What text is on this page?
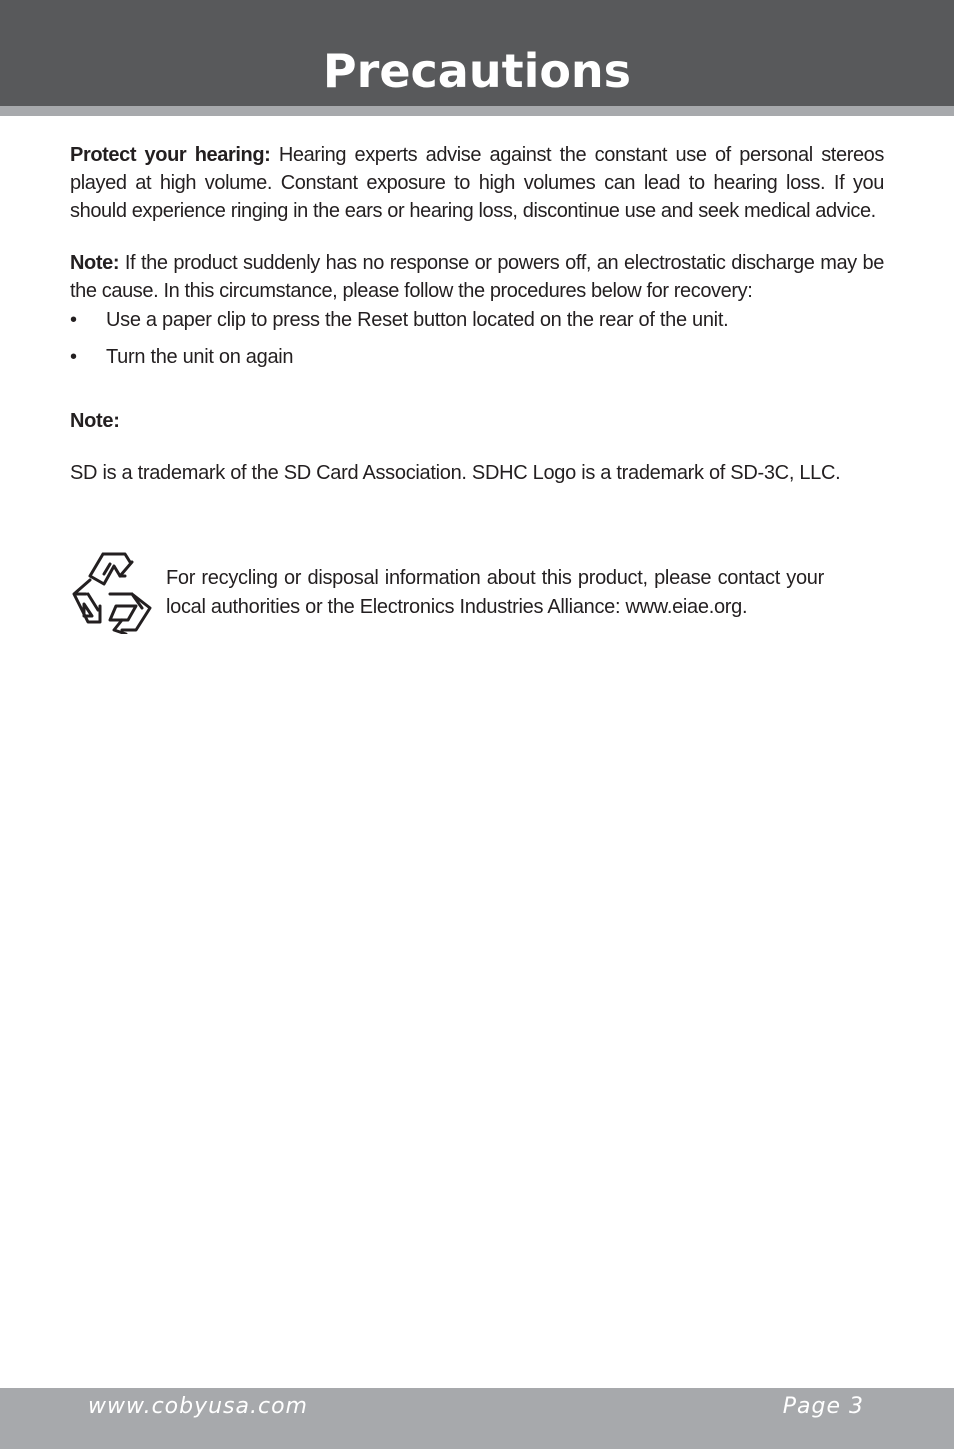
Precautions

Protect your hearing: Hearing experts advise against the constant use of personal stereos played at high volume. Constant exposure to high volumes can lead to hearing loss. If you should experience ringing in the ears or hearing loss, discontinue use and seek medical advice.

Note: If the product suddenly has no response or powers off, an electrostatic discharge may be the cause. In this circumstance, please follow the procedures below for recovery:

• Use a paper clip to press the Reset button located on the rear of the unit.
• Turn the unit on again
Note:
SD is a trademark of the SD Card Association. SDHC Logo is a trademark of SD-3C, LLC.

For recycling or disposal information about this product, please contact your local authorities or the Electronics Industries Alliance: www.eiae.org.

www.cobyusa.com	Page 3
